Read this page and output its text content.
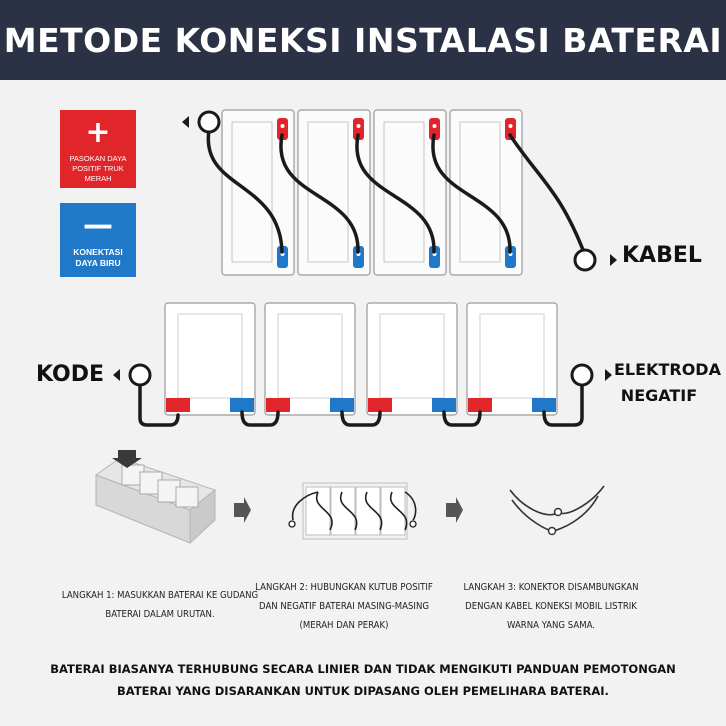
METODE KONEKSI INSTALASI BATERAI
+
PASOKAN DAYA POSITIF TRUK MERAH
—
KONEKTASI DAYA BIRU	KABEL
KODE	ELEKTRODA NEGATIF
LANGKAH 1: MASUKKAN BATERAI KE GUDANG BATERAI DALAM URUTAN.
LANGKAH 2: HUBUNGKAN KUTUB POSITIF DAN NEGATIF BATERAI MASING-MASING (MERAH DAN PERAK)
LANGKAH 3: KONEKTOR DISAMBUNGKAN DENGAN KABEL KONEKSI MOBIL LISTRIK WARNA YANG SAMA.
BATERAI BIASANYA TERHUBUNG SECARA LINIER DAN TIDAK MENGIKUTI PANDUAN PEMOTONGAN BATERAI YANG DISARANKAN UNTUK DIPASANG OLEH PEMELIHARA BATERAI.
